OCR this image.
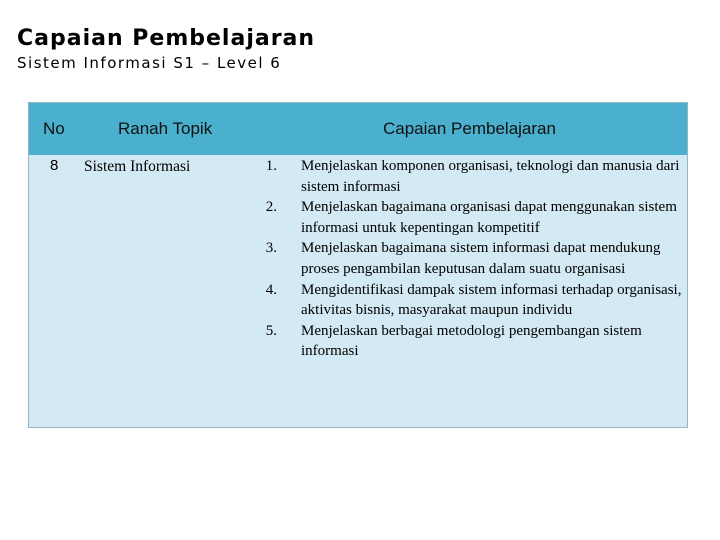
Capaian Pembelajaran
Sistem Informasi S1 – Level 6
No	Ranah Topik	Capaian Pembelajaran
8 Sistem Informasi	1. Menjelaskan komponen organisasi, teknologi dan manusia dari sistem informasi
2. Menjelaskan bagaimana organisasi dapat menggunakan sistem informasi untuk kepentingan kompetitif
3. Menjelaskan bagaimana sistem informasi dapat mendukung proses pengambilan keputusan dalam suatu organisasi
4. Mengidentifikasi dampak sistem informasi terhadap organisasi, aktivitas bisnis, masyarakat maupun individu
5. Menjelaskan berbagai metodologi pengembangan sistem informasi
